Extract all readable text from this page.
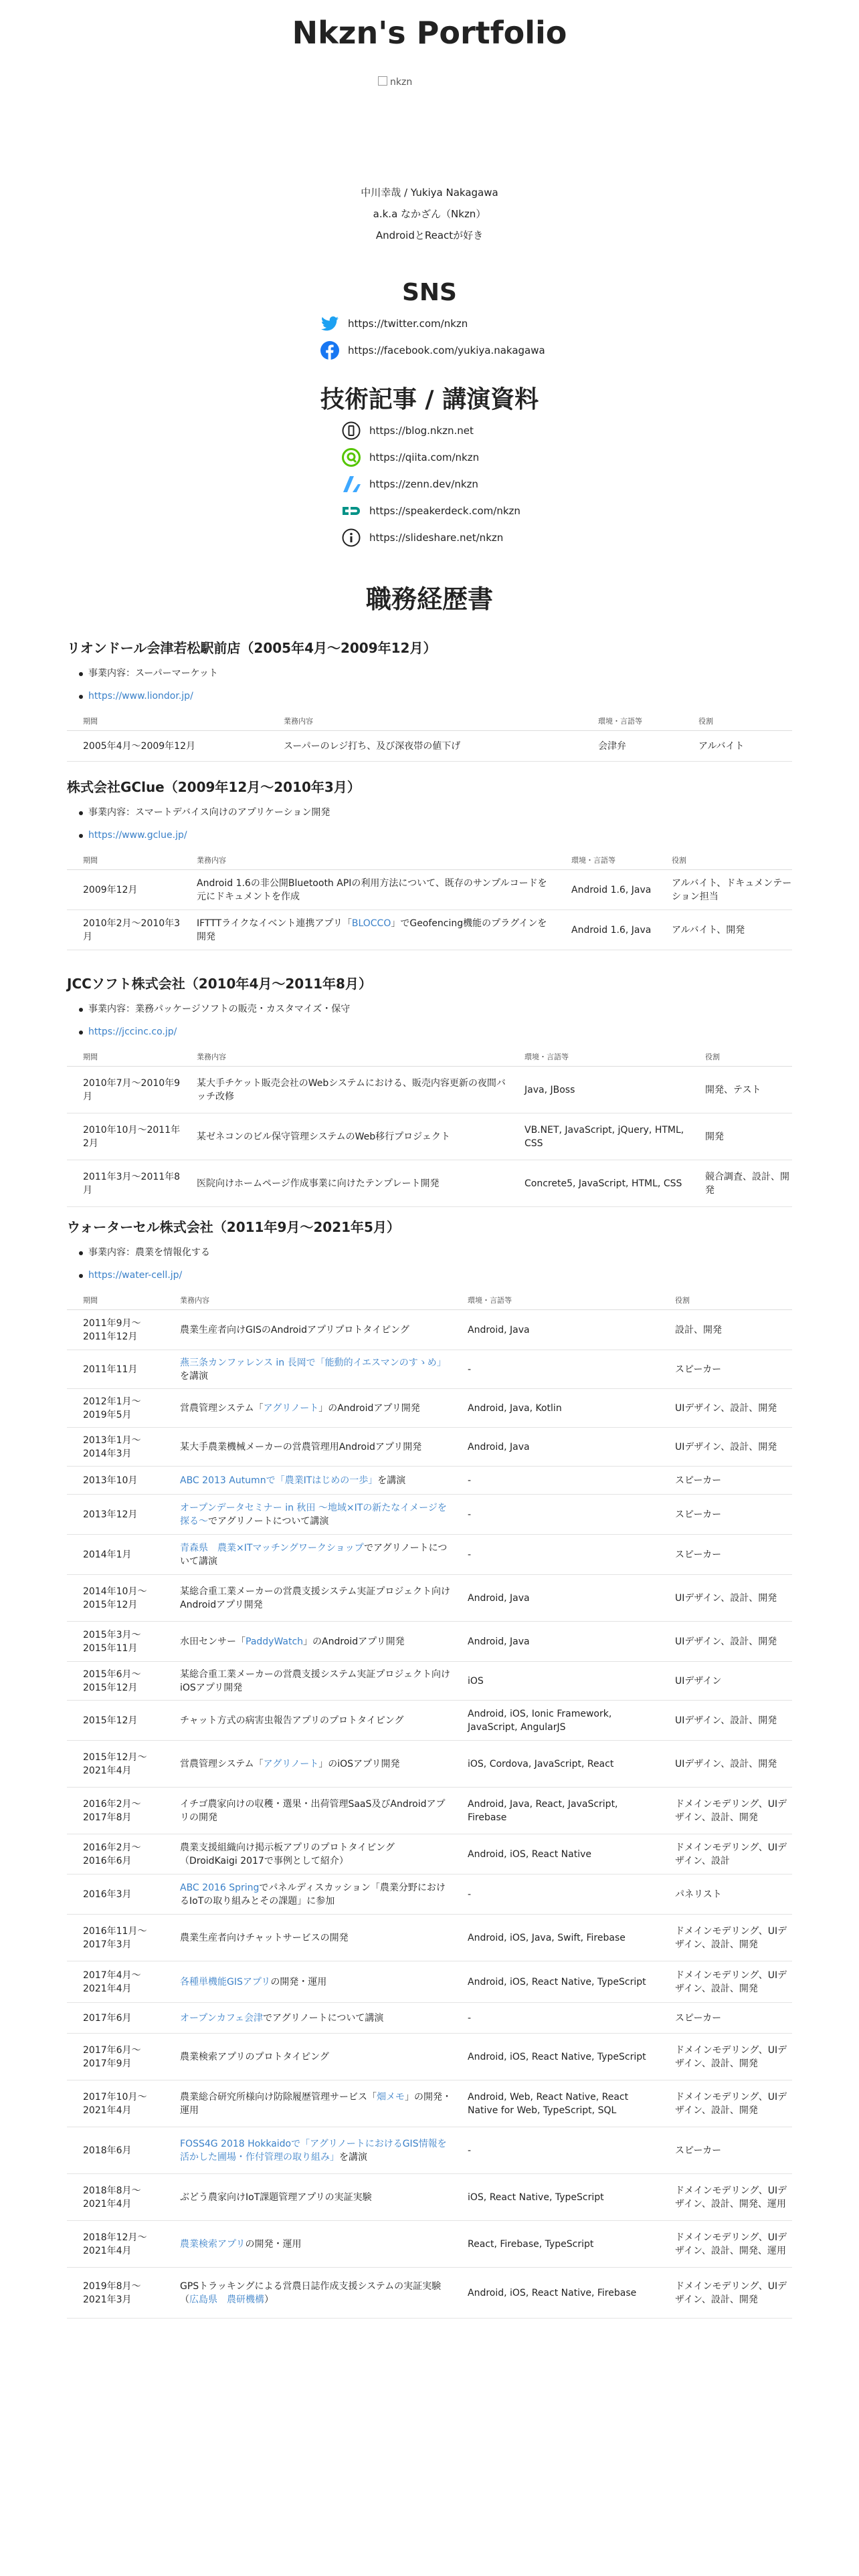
Nkzn's Portfolio
nkzn
中川幸哉 / Yukiya Nakagawa
a.k.a なかざん（Nkzn）
AndroidとReactが好き
SNS
https://twitter.com/nkzn
https://facebook.com/yukiya.nakagawa
技術記事 / 講演資料
https://blog.nkzn.net
https://qiita.com/nkzn
https://zenn.dev/nkzn
https://speakerdeck.com/nkzn
https://slideshare.net/nkzn
職務経歴書
リオンドール会津若松駅前店（2005年4月〜2009年12月）
事業内容：スーパーマーケット
https://www.liondor.jp/
期間	業務内容	環境・言語等	役割
2005年4月〜2009年12月	スーパーのレジ打ち、及び深夜帯の値下げ	会津弁	アルバイト
株式会社GClue（2009年12月〜2010年3月）
事業内容：スマートデバイス向けのアプリケーション開発
https://www.gclue.jp/
期間	業務内容	環境・言語等	役割
2009年12月	Android 1.6の非公開Bluetooth APIの利用方法について、既存のサンプルコードを元にドキュメントを作成	Android 1.6, Java	アルバイト、ドキュメンテーション担当
2010年2月〜2010年3月	IFTTTライクなイベント連携アプリ「BLOCCO」でGeofencing機能のプラグインを開発	Android 1.6, Java	アルバイト、開発
JCCソフト株式会社（2010年4月〜2011年8月）
事業内容：業務パッケージソフトの販売・カスタマイズ・保守
https://jccinc.co.jp/
期間	業務内容	環境・言語等	役割
2010年7月〜2010年9月	某大手チケット販売会社のWebシステムにおける、販売内容更新の夜間バッチ改修	Java, JBoss	開発、テスト
2010年10月〜2011年2月	某ゼネコンのビル保守管理システムのWeb移行プロジェクト	VB.NET, JavaScript, jQuery, HTML, CSS	開発
2011年3月〜2011年8月	医院向けホームページ作成事業に向けたテンプレート開発	Concrete5, JavaScript, HTML, CSS	競合調査、設計、開発
ウォーターセル株式会社（2011年9月〜2021年5月）
事業内容：農業を情報化する
https://water-cell.jp/
期間	業務内容	環境・言語等	役割
2011年9月〜2011年12月	農業生産者向けGISのAndroidアプリプロトタイピング	Android, Java	設計、開発
2011年11月	燕三条カンファレンス in 長岡で「能動的イエスマンのすゝめ」を講演	-	スピーカー
2012年1月〜2019年5月	営農管理システム「アグリノート」のAndroidアプリ開発	Android, Java, Kotlin	UIデザイン、設計、開発
2013年1月〜2014年3月	某大手農業機械メーカーの営農管理用Androidアプリ開発	Android, Java	UIデザイン、設計、開発
2013年10月	ABC 2013 Autumnで「農業ITはじめの一歩」を講演	-	スピーカー
2013年12月	オープンデータセミナー in 秋田 〜地域×ITの新たなイメージを探る〜でアグリノートについて講演	-	スピーカー
2014年1月	青森県　農業×ITマッチングワークショップでアグリノートについて講演	-	スピーカー
2014年10月〜2015年12月	某総合重工業メーカーの営農支援システム実証プロジェクト向けAndroidアプリ開発	Android, Java	UIデザイン、設計、開発
2015年3月〜2015年11月	水田センサー「PaddyWatch」のAndroidアプリ開発	Android, Java	UIデザイン、設計、開発
2015年6月〜2015年12月	某総合重工業メーカーの営農支援システム実証プロジェクト向けiOSアプリ開発	iOS	UIデザイン
2015年12月	チャット方式の病害虫報告アプリのプロトタイピング	Android, iOS, Ionic Framework, JavaScript, AngularJS	UIデザイン、設計、開発
2015年12月〜2021年4月	営農管理システム「アグリノート」のiOSアプリ開発	iOS, Cordova, JavaScript, React	UIデザイン、設計、開発
2016年2月〜2017年8月	イチゴ農家向けの収穫・選果・出荷管理SaaS及びAndroidアプリの開発	Android, Java, React, JavaScript, Firebase	ドメインモデリング、UIデザイン、設計、開発
2016年2月〜2016年6月	農業支援組織向け掲示板アプリのプロトタイピング（DroidKaigi 2017で事例として紹介）	Android, iOS, React Native	ドメインモデリング、UIデザイン、設計
2016年3月	ABC 2016 Springでパネルディスカッション「農業分野におけるIoTの取り組みとその課題」に参加	-	パネリスト
2016年11月〜2017年3月	農業生産者向けチャットサービスの開発	Android, iOS, Java, Swift, Firebase	ドメインモデリング、UIデザイン、設計、開発
2017年4月〜2021年4月	各種単機能GISアプリの開発・運用	Android, iOS, React Native, TypeScript	ドメインモデリング、UIデザイン、設計、開発
2017年6月	オープンカフェ会津でアグリノートについて講演	-	スピーカー
2017年6月〜2017年9月	農業検索アプリのプロトタイピング	Android, iOS, React Native, TypeScript	ドメインモデリング、UIデザイン、設計、開発
2017年10月〜2021年4月	農業総合研究所様向け防除履歴管理サービス「畑メモ」の開発・運用	Android, Web, React Native, React Native for Web, TypeScript, SQL	ドメインモデリング、UIデザイン、設計、開発
2018年6月	FOSS4G 2018 Hokkaidoで「アグリノートにおけるGIS情報を活かした圃場・作付管理の取り組み」を講演	-	スピーカー
2018年8月〜2021年4月	ぶどう農家向けIoT課題管理アプリの実証実験	iOS, React Native, TypeScript	ドメインモデリング、UIデザイン、設計、開発、運用
2018年12月〜2021年4月	農業検索アプリの開発・運用	React, Firebase, TypeScript	ドメインモデリング、UIデザイン、設計、開発、運用
2019年8月〜2021年3月	GPSトラッキングによる営農日誌作成支援システムの実証実験（広島県　農研機構）	Android, iOS, React Native, Firebase	ドメインモデリング、UIデザイン、設計、開発
